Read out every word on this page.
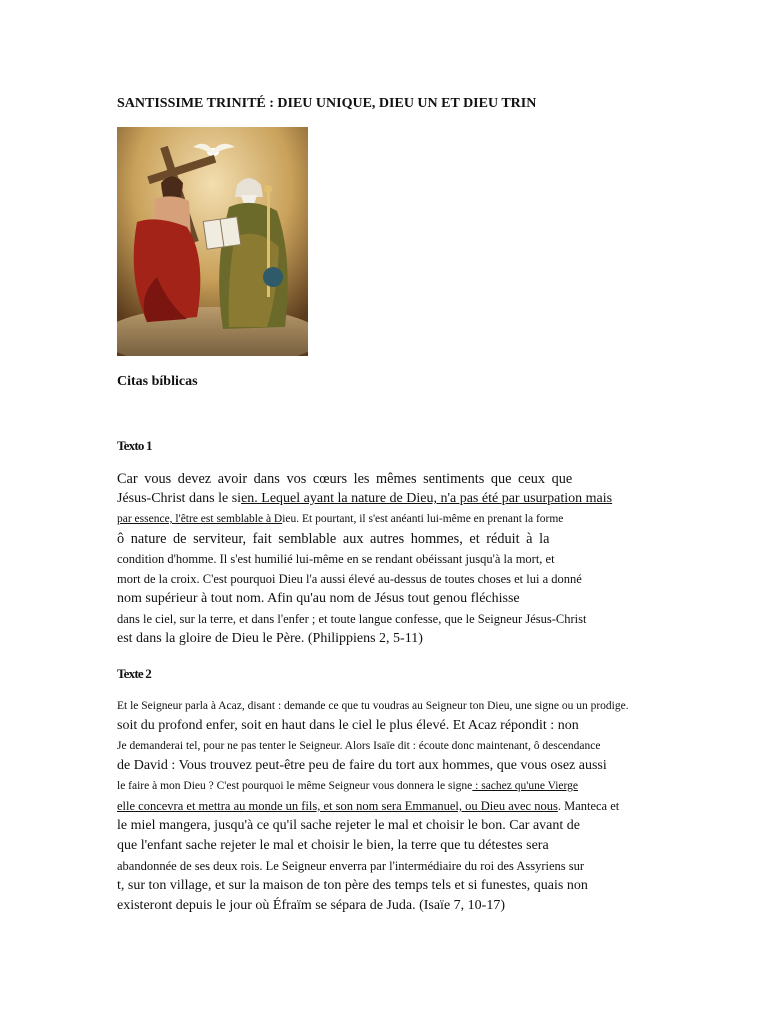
SANTISSIME TRINITÉ : DIEU UNIQUE, DIEU UN ET DIEU TRIN
Citas bíblicas
Texto 1
Car vous devez avoir dans vos cœurs les mêmes sentiments que ceux que
Jésus-Christ dans le sien. Lequel ayant la nature de Dieu, n'a pas été par usurpation mais
par essence, l'être est semblable à Dieu. Et pourtant, il s'est anéanti lui-même en prenant la forme
ô nature de serviteur, fait semblable aux autres hommes, et réduit à la
condition d'homme. Il s'est humilié lui-même en se rendant obéissant jusqu'à la mort, et
mort de la croix. C'est pourquoi Dieu l'a aussi élevé au-dessus de toutes choses et lui a donné
nom supérieur à tout nom. Afin qu'au nom de Jésus tout genou fléchisse
dans le ciel, sur la terre, et dans l'enfer ; et toute langue confesse, que le Seigneur Jésus-Christ
est dans la gloire de Dieu le Père. (Philippiens 2, 5-11)
Texte 2
Et le Seigneur parla à Acaz, disant : demande ce que tu voudras au Seigneur ton Dieu, une signe ou un prodige.
soit du profond enfer, soit en haut dans le ciel le plus élevé. Et Acaz répondit : non
Je demanderai tel, pour ne pas tenter le Seigneur. Alors Isaïe dit : écoute donc maintenant, ô descendance
de David : Vous trouvez peut-être peu de faire du tort aux hommes, que vous osez aussi
le faire à mon Dieu ? C'est pourquoi le même Seigneur vous donnera le signe : sachez qu'une Vierge
elle concevra et mettra au monde un fils, et son nom sera Emmanuel, ou Dieu avec nous. Manteca et
le miel mangera, jusqu'à ce qu'il sache rejeter le mal et choisir le bon. Car avant de
que l'enfant sache rejeter le mal et choisir le bien, la terre que tu détestes sera
abandonnée de ses deux rois. Le Seigneur enverra par l'intermédiaire du roi des Assyriens sur
t, sur ton village, et sur la maison de ton père des temps tels et si funestes, quais non
existeront depuis le jour où Éfraïm se sépara de Juda. (Isaïe 7, 10-17)
